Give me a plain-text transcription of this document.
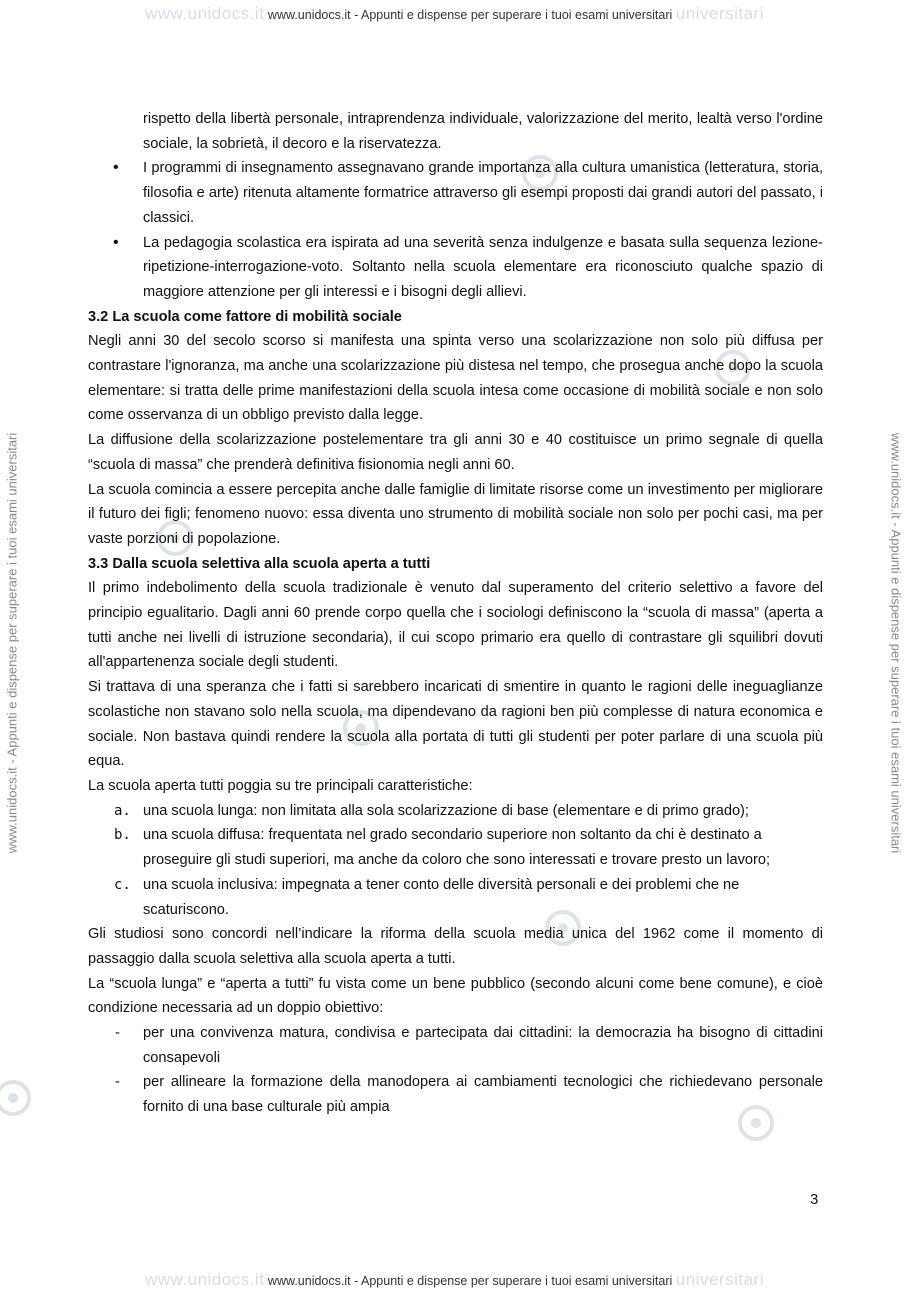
www.unidocs.it www.unidocs.it - Appunti e dispense per superare i tuoi esami universitari universitari
www.unidocs.it - Appunti e dispense per superare i tuoi esami universitari	www.unidocs.it - Appunti e dispense per superare i tuoi esami universitari

rispetto della libertà personale, intraprendenza individuale, valorizzazione del merito, lealtà verso l'ordine sociale, la sobrietà, il decoro e la riservatezza.

• I programmi di insegnamento assegnavano grande importanza alla cultura umanistica (letteratura, storia, filosofia e arte) ritenuta altamente formatrice attraverso gli esempi proposti dai grandi autori del passato, i classici.
• La pedagogia scolastica era ispirata ad una severità senza indulgenze e basata sulla sequenza lezione-ripetizione-interrogazione-voto. Soltanto nella scuola elementare era riconosciuto qualche spazio di maggiore attenzione per gli interessi e i bisogni degli allievi.

3.2 La scuola come fattore di mobilità sociale

Negli anni 30 del secolo scorso si manifesta una spinta verso una scolarizzazione non solo più diffusa per contrastare l'ignoranza, ma anche una scolarizzazione più distesa nel tempo, che prosegua anche dopo la scuola elementare: si tratta delle prime manifestazioni della scuola intesa come occasione di mobilità sociale e non solo come osservanza di un obbligo previsto dalla legge.

La diffusione della scolarizzazione postelementare tra gli anni 30 e 40 costituisce un primo segnale di quella “scuola di massa” che prenderà definitiva fisionomia negli anni 60.

La scuola comincia a essere percepita anche dalle famiglie di limitate risorse come un investimento per migliorare il futuro dei figli; fenomeno nuovo: essa diventa uno strumento di mobilità sociale non solo per pochi casi, ma per vaste porzioni di popolazione.

3.3 Dalla scuola selettiva alla scuola aperta a tutti

Il primo indebolimento della scuola tradizionale è venuto dal superamento del criterio selettivo a favore del principio egualitario. Dagli anni 60 prende corpo quella che i sociologi definiscono la “scuola di massa” (aperta a tutti anche nei livelli di istruzione secondaria), il cui scopo primario era quello di contrastare gli squilibri dovuti all'appartenenza sociale degli studenti.

Si trattava di una speranza che i fatti si sarebbero incaricati di smentire in quanto le ragioni delle ineguaglianze scolastiche non stavano solo nella scuola, ma dipendevano da ragioni ben più complesse di natura economica e sociale. Non bastava quindi rendere la scuola alla portata di tutti gli studenti per poter parlare di una scuola più equa.

La scuola aperta tutti poggia su tre principali caratteristiche:

a. una scuola lunga: non limitata alla sola scolarizzazione di base (elementare e di primo grado);
b. una scuola diffusa: frequentata nel grado secondario superiore non soltanto da chi è destinato a proseguire gli studi superiori, ma anche da coloro che sono interessati e trovare presto un lavoro;
c. una scuola inclusiva: impegnata a tener conto delle diversità personali e dei problemi che ne scaturiscono.

Gli studiosi sono concordi nell’indicare la riforma della scuola media unica del 1962 come il momento di passaggio dalla scuola selettiva alla scuola aperta a tutti.

La “scuola lunga” e “aperta a tutti” fu vista come un bene pubblico (secondo alcuni come bene comune), e cioè condizione necessaria ad un doppio obiettivo:

- per una convivenza matura, condivisa e partecipata dai cittadini: la democrazia ha bisogno di cittadini consapevoli
- per allineare la formazione della manodopera ai cambiamenti tecnologici che richiedevano personale fornito di una base culturale più ampia
3
www.unidocs.it www.unidocs.it - Appunti e dispense per superare i tuoi esami universitari universitari
